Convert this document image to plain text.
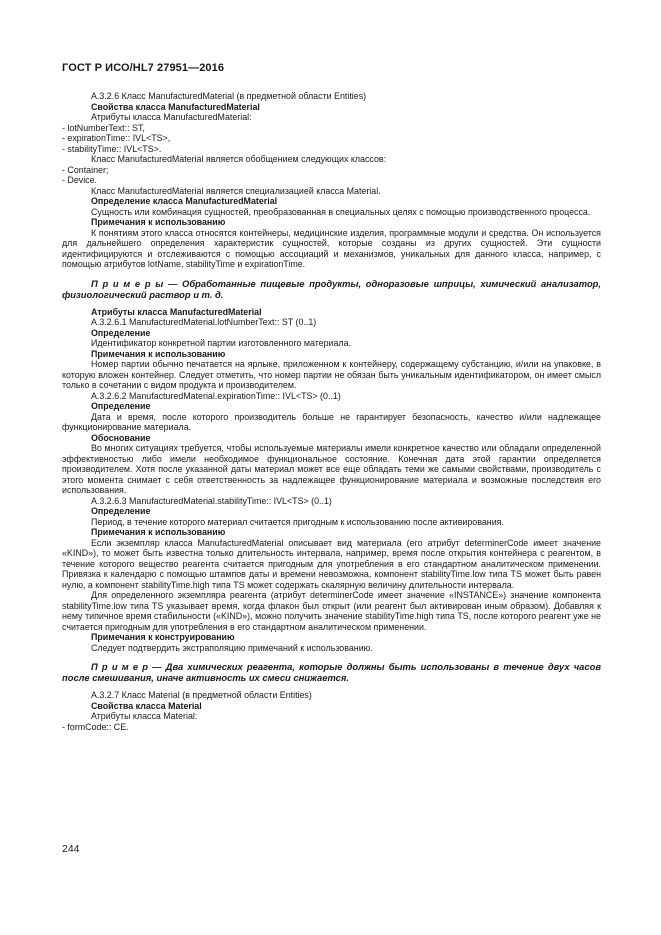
ГОСТ Р ИСО/HL7 27951—2016

A.3.2.6 Класс ManufacturedMaterial (в предметной области Entities)

Свойства класса ManufacturedMaterial

Атрибуты класса ManufacturedMaterial:

- lotNumberText:: ST,

- expirationTime:: IVL<TS>,

- stabilityTime:: IVL<TS>.

Класс ManufacturedMaterial является обобщением следующих классов:

- Container;

- Device.

Класс ManufacturedMaterial является специализацией класса Material.

Определение класса ManufacturedMaterial

Сущность или комбинация сущностей, преобразованная в специальных целях с помощью производственного процесса.

Примечания к использованию

К понятиям этого класса относятся контейнеры, медицинские изделия, программные модули и средства. Он используется для дальнейшего определения характеристик сущностей, которые созданы из других сущностей. Эти сущности идентифицируются и отслеживаются с помощью ассоциаций и механизмов, уникальных для данного класса, например, с помощью атрибутов lotName, stabilityTime и expirationTime.

П р и м е р ы — Обработанные пищевые продукты, одноразовые шприцы, химический анализатор, физиологический раствор и т. д.

Атрибуты класса ManufacturedMaterial

A.3.2.6.1 ManufacturedMaterial.lotNumberText:: ST (0..1)

Определение

Идентификатор конкретной партии изготовленного материала.

Примечания к использованию

Номер партии обычно печатается на ярлыке, приложенном к контейнеру, содержащему субстанцию, и/или на упаковке, в которую вложен контейнер. Следует отметить, что номер партии не обязан быть уникальным идентификатором, он имеет смысл только в сочетании с видом продукта и производителем.

A.3.2.6.2 ManufacturedMaterial.expirationTime:: IVL<TS> (0..1)

Определение

Дата и время, после которого производитель больше не гарантирует безопасность, качество и/или надлежащее функционирование материала.

Обоснование

Во многих ситуациях требуется, чтобы используемые материалы имели конкретное качество или обладали определенной эффективностью либо имели необходимое функциональное состояние. Конечная дата этой гарантии определяется производителем. Хотя после указанной даты материал может все еще обладать теми же самыми свойствами, производитель с этого момента снимает с себя ответственность за надлежащее функционирование материала и возможные последствия его использования.

A.3.2.6.3 ManufacturedMaterial.stabilityTime:: IVL<TS> (0..1)

Определение

Период, в течение которого материал считается пригодным к использованию после активирования.

Примечания к использованию

Если экземпляр класса ManufacturedMaterial описывает вид материала (его атрибут determinerCode имеет значение «KIND»), то может быть известна только длительность интервала, например, время после открытия контейнера с реагентом, в течение которого вещество реагента считается пригодным для употребления в его стандартном аналитическом применении. Привязка к календарю с помощью штампов даты и времени невозможна, компонент stabilityTime.low типа TS может быть равен нулю, а компонент stabilityTime.high типа TS может содержать скалярную величину длительности интервала.

Для определенного экземпляра реагента (атрибут determinerCode имеет значение «INSTANCE») значение компонента stabilityTime.low типа TS указывает время, когда флакон был открыт (или реагент был активирован иным образом). Добавляя к нему типичное время стабильности («KIND»), можно получить значение stabilityTime.high типа TS, после которого реагент уже не считается пригодным для употребления в его стандартном аналитическом применении.

Примечания к конструированию

Следует подтвердить экстраполяцию примечаний к использованию.

П р и м е р — Два химических реагента, которые должны быть использованы в течение двух часов после смешивания, иначе активность их смеси снижается.

A.3.2.7 Класс Material (в предметной области Entities)

Свойства класса Material

Атрибуты класса Material:

- formCode:: CE.

244
